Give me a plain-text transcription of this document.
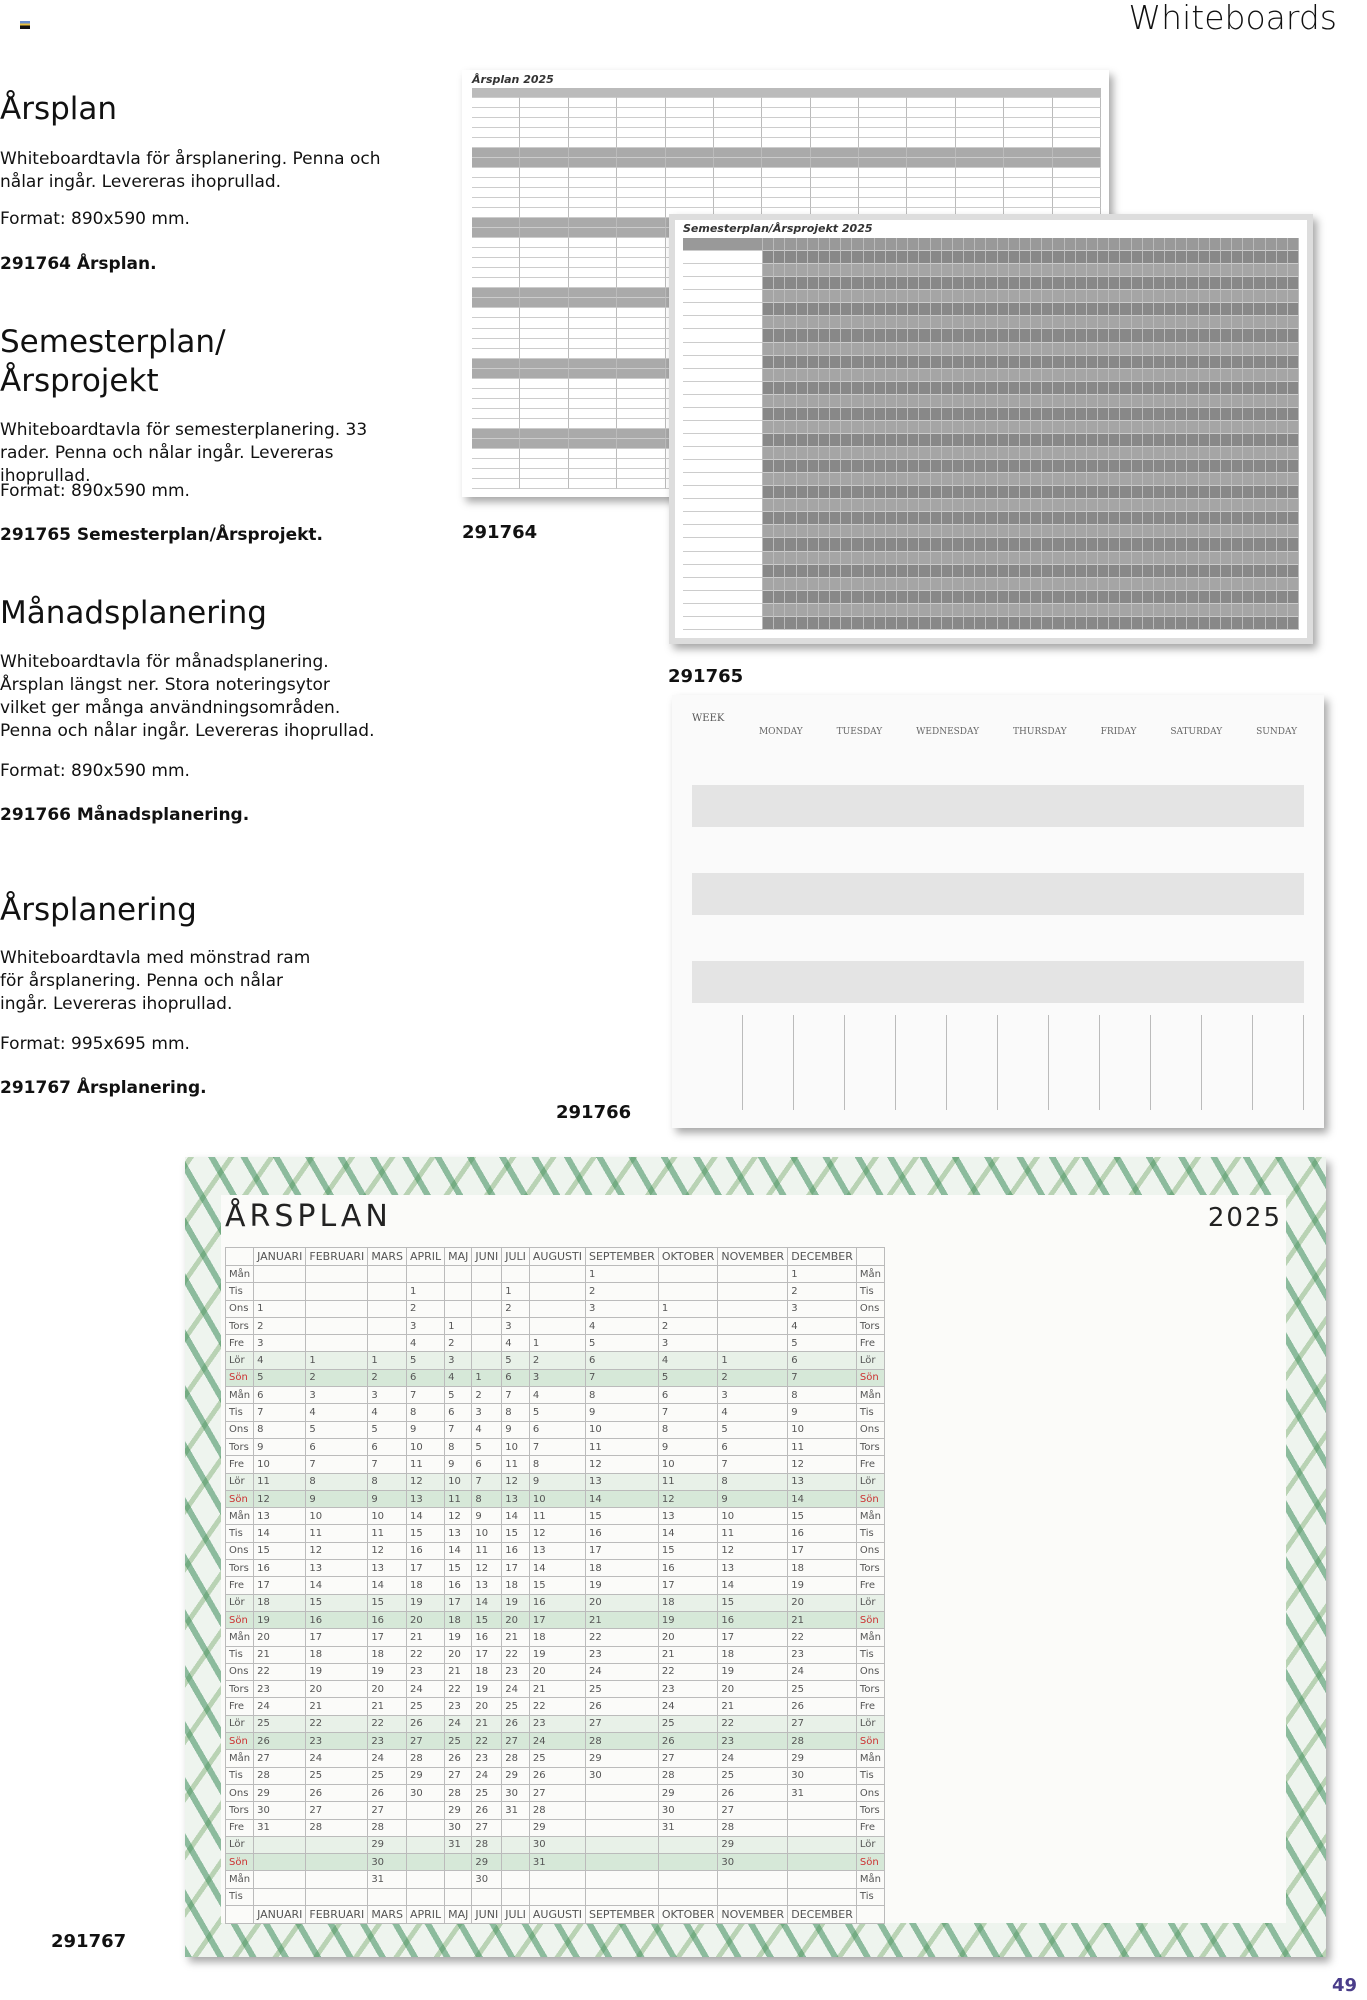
Whiteboards
Årsplan

Whiteboardtavla för årsplanering. Penna och nålar ingår. Levereras ihoprullad.

Format: 890x590 mm.

291764 Årsplan.

Semesterplan/ Årsprojekt

Whiteboardtavla för semesterplanering. 33 rader. Penna och nålar ingår. Levereras ihoprullad.

Format: 890x590 mm.

291765 Semesterplan/Årsprojekt.

Månadsplanering

Whiteboardtavla för månadsplanering. Årsplan längst ner. Stora noteringsytor vilket ger många användningsområden. Penna och nålar ingår. Levereras ihoprullad.

Format: 890x590 mm.

291766 Månadsplanering.

Årsplanering

Whiteboardtavla med mönstrad ram för årsplanering. Penna och nålar ingår. Levereras ihoprullad.

Format: 995x695 mm.

291767 Årsplanering.

Årsplan 2025
291764
Semesterplan/Årsprojekt 2025
291765
WEEK
MONDAY	TUESDAY	WEDNESDAY	THURSDAY	FRIDAY	SATURDAY	SUNDAY
291766
ÅRSPLAN	2025
	JANUARI	FEBRUARI	MARS	APRIL	MAJ	JUNI	JULI	AUGUSTI	SEPTEMBER	OKTOBER	NOVEMBER	DECEMBER	
Mån									1			1	Mån
Tis				1			1		2			2	Tis
Ons	1			2			2		3	1		3	Ons
Tors	2			3	1		3		4	2		4	Tors
Fre	3			4	2		4	1	5	3		5	Fre
Lör	4	1	1	5	3		5	2	6	4	1	6	Lör
Sön	5	2	2	6	4	1	6	3	7	5	2	7	Sön
Mån	6	3	3	7	5	2	7	4	8	6	3	8	Mån
Tis	7	4	4	8	6	3	8	5	9	7	4	9	Tis
Ons	8	5	5	9	7	4	9	6	10	8	5	10	Ons
Tors	9	6	6	10	8	5	10	7	11	9	6	11	Tors
Fre	10	7	7	11	9	6	11	8	12	10	7	12	Fre
Lör	11	8	8	12	10	7	12	9	13	11	8	13	Lör
Sön	12	9	9	13	11	8	13	10	14	12	9	14	Sön
Mån	13	10	10	14	12	9	14	11	15	13	10	15	Mån
Tis	14	11	11	15	13	10	15	12	16	14	11	16	Tis
Ons	15	12	12	16	14	11	16	13	17	15	12	17	Ons
Tors	16	13	13	17	15	12	17	14	18	16	13	18	Tors
Fre	17	14	14	18	16	13	18	15	19	17	14	19	Fre
Lör	18	15	15	19	17	14	19	16	20	18	15	20	Lör
Sön	19	16	16	20	18	15	20	17	21	19	16	21	Sön
Mån	20	17	17	21	19	16	21	18	22	20	17	22	Mån
Tis	21	18	18	22	20	17	22	19	23	21	18	23	Tis
Ons	22	19	19	23	21	18	23	20	24	22	19	24	Ons
Tors	23	20	20	24	22	19	24	21	25	23	20	25	Tors
Fre	24	21	21	25	23	20	25	22	26	24	21	26	Fre
Lör	25	22	22	26	24	21	26	23	27	25	22	27	Lör
Sön	26	23	23	27	25	22	27	24	28	26	23	28	Sön
Mån	27	24	24	28	26	23	28	25	29	27	24	29	Mån
Tis	28	25	25	29	27	24	29	26	30	28	25	30	Tis
Ons	29	26	26	30	28	25	30	27		29	26	31	Ons
Tors	30	27	27		29	26	31	28		30	27		Tors
Fre	31	28	28		30	27		29		31	28		Fre
Lör			29		31	28		30			29		Lör
Sön			30			29		31			30		Sön
Mån			31			30							Mån
Tis													Tis
	JANUARI	FEBRUARI	MARS	APRIL	MAJ	JUNI	JULI	AUGUSTI	SEPTEMBER	OKTOBER	NOVEMBER	DECEMBER	
291767
49
